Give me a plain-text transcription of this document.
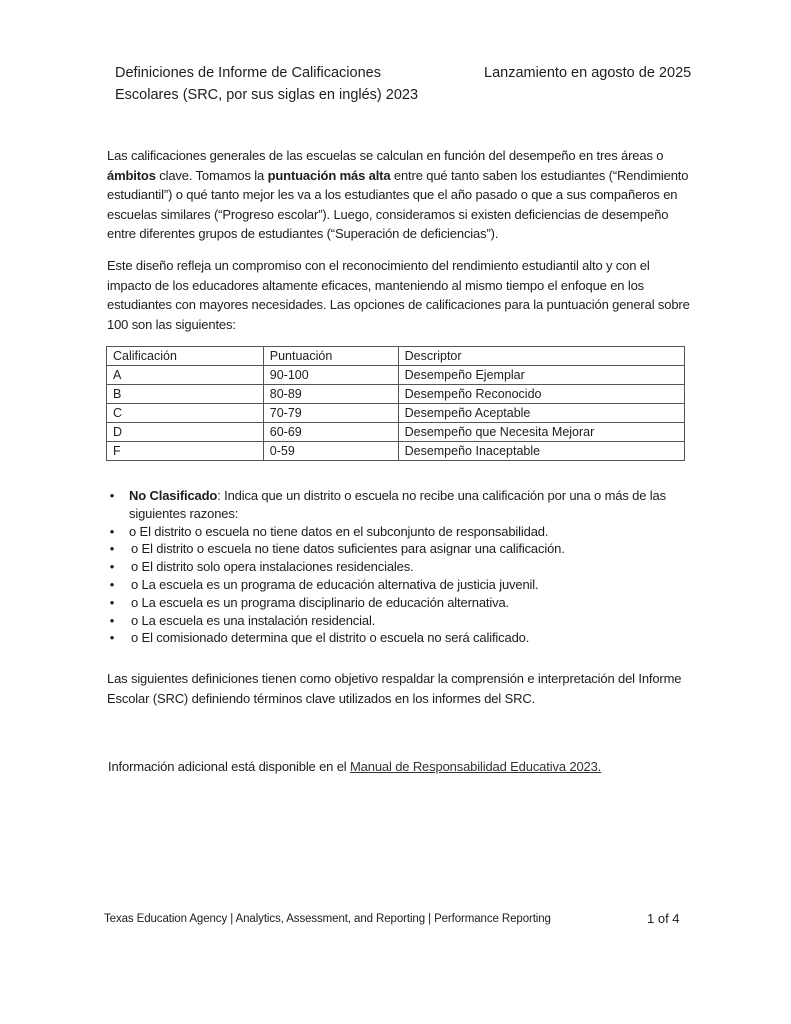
Definiciones de Informe de Calificaciones
Escolares (SRC, por sus siglas en inglés) 2023
Lanzamiento en agosto de 2025
Las calificaciones generales de las escuelas se calculan en función del desempeño en tres áreas o ámbitos clave. Tomamos la puntuación más alta entre qué tanto saben los estudiantes (“Rendimiento estudiantil”) o qué tanto mejor les va a los estudiantes que el año pasado o que a sus compañeros en escuelas similares (“Progreso escolar”). Luego, consideramos si existen deficiencias de desempeño entre diferentes grupos de estudiantes (“Superación de deficiencias”).
Este diseño refleja un compromiso con el reconocimiento del rendimiento estudiantil alto y con el impacto de los educadores altamente eficaces, manteniendo al mismo tiempo el enfoque en los estudiantes con mayores necesidades. Las opciones de calificaciones para la puntuación general sobre 100 son las siguientes:
Calificación	Puntuación	Descriptor
A	90-100	Desempeño Ejemplar
B	80-89	Desempeño Reconocido
C	70-79	Desempeño Aceptable
D	60-69	Desempeño que Necesita Mejorar
F	0-59	Desempeño Inaceptable
• No Clasificado: Indica que un distrito o escuela no recibe una calificación por una o más de las siguientes razones:
• o El distrito o escuela no tiene datos en el subconjunto de responsabilidad.
• o El distrito o escuela no tiene datos suficientes para asignar una calificación.
• o El distrito solo opera instalaciones residenciales.
• o La escuela es un programa de educación alternativa de justicia juvenil.
• o La escuela es un programa disciplinario de educación alternativa.
• o La escuela es una instalación residencial.
• o El comisionado determina que el distrito o escuela no será calificado.
Las siguientes definiciones tienen como objetivo respaldar la comprensión e interpretación del Informe Escolar (SRC) definiendo términos clave utilizados en los informes del SRC.
Información adicional está disponible en el Manual de Responsabilidad Educativa 2023.
Texas Education Agency | Analytics, Assessment, and Reporting | Performance Reporting	1 of 4
